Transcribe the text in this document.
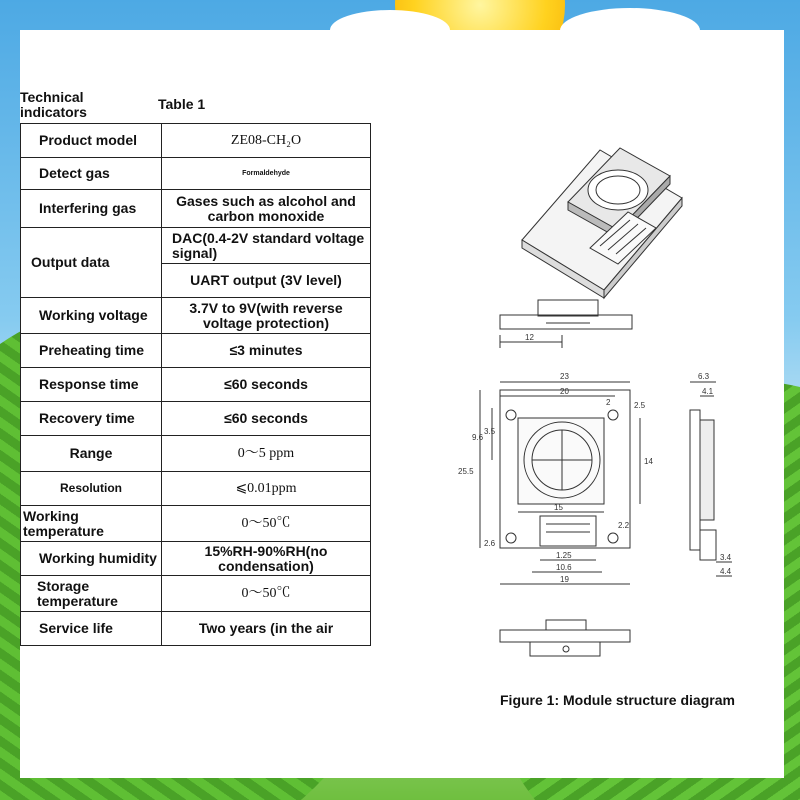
Technical
indicators	Table 1
Product model	ZE08-CH₂O
Detect gas	Formaldehyde
Interfering gas	Gases such as alcohol and carbon monoxide
Output data	DAC(0.4-2V standard voltage signal)
	UART output (3V level)
Working voltage	3.7V to 9V(with reverse voltage protection)
Preheating time	≤3 minutes
Response time	≤60 seconds
Recovery time	≤60 seconds
Range	0～5 ppm
Resolution	⩽0.01ppm
Working temperature	0～50℃
Working humidity	15%RH-90%RH(no condensation)
Storage temperature	0～50℃
Service life	Two years (in the air
12
23
20
2	2.5
9.6
3.5
14
25.5
15
2.6
1.25
10.6
19
2.2
6.3
4.1
3.4
4.4
Figure 1: Module structure diagram
